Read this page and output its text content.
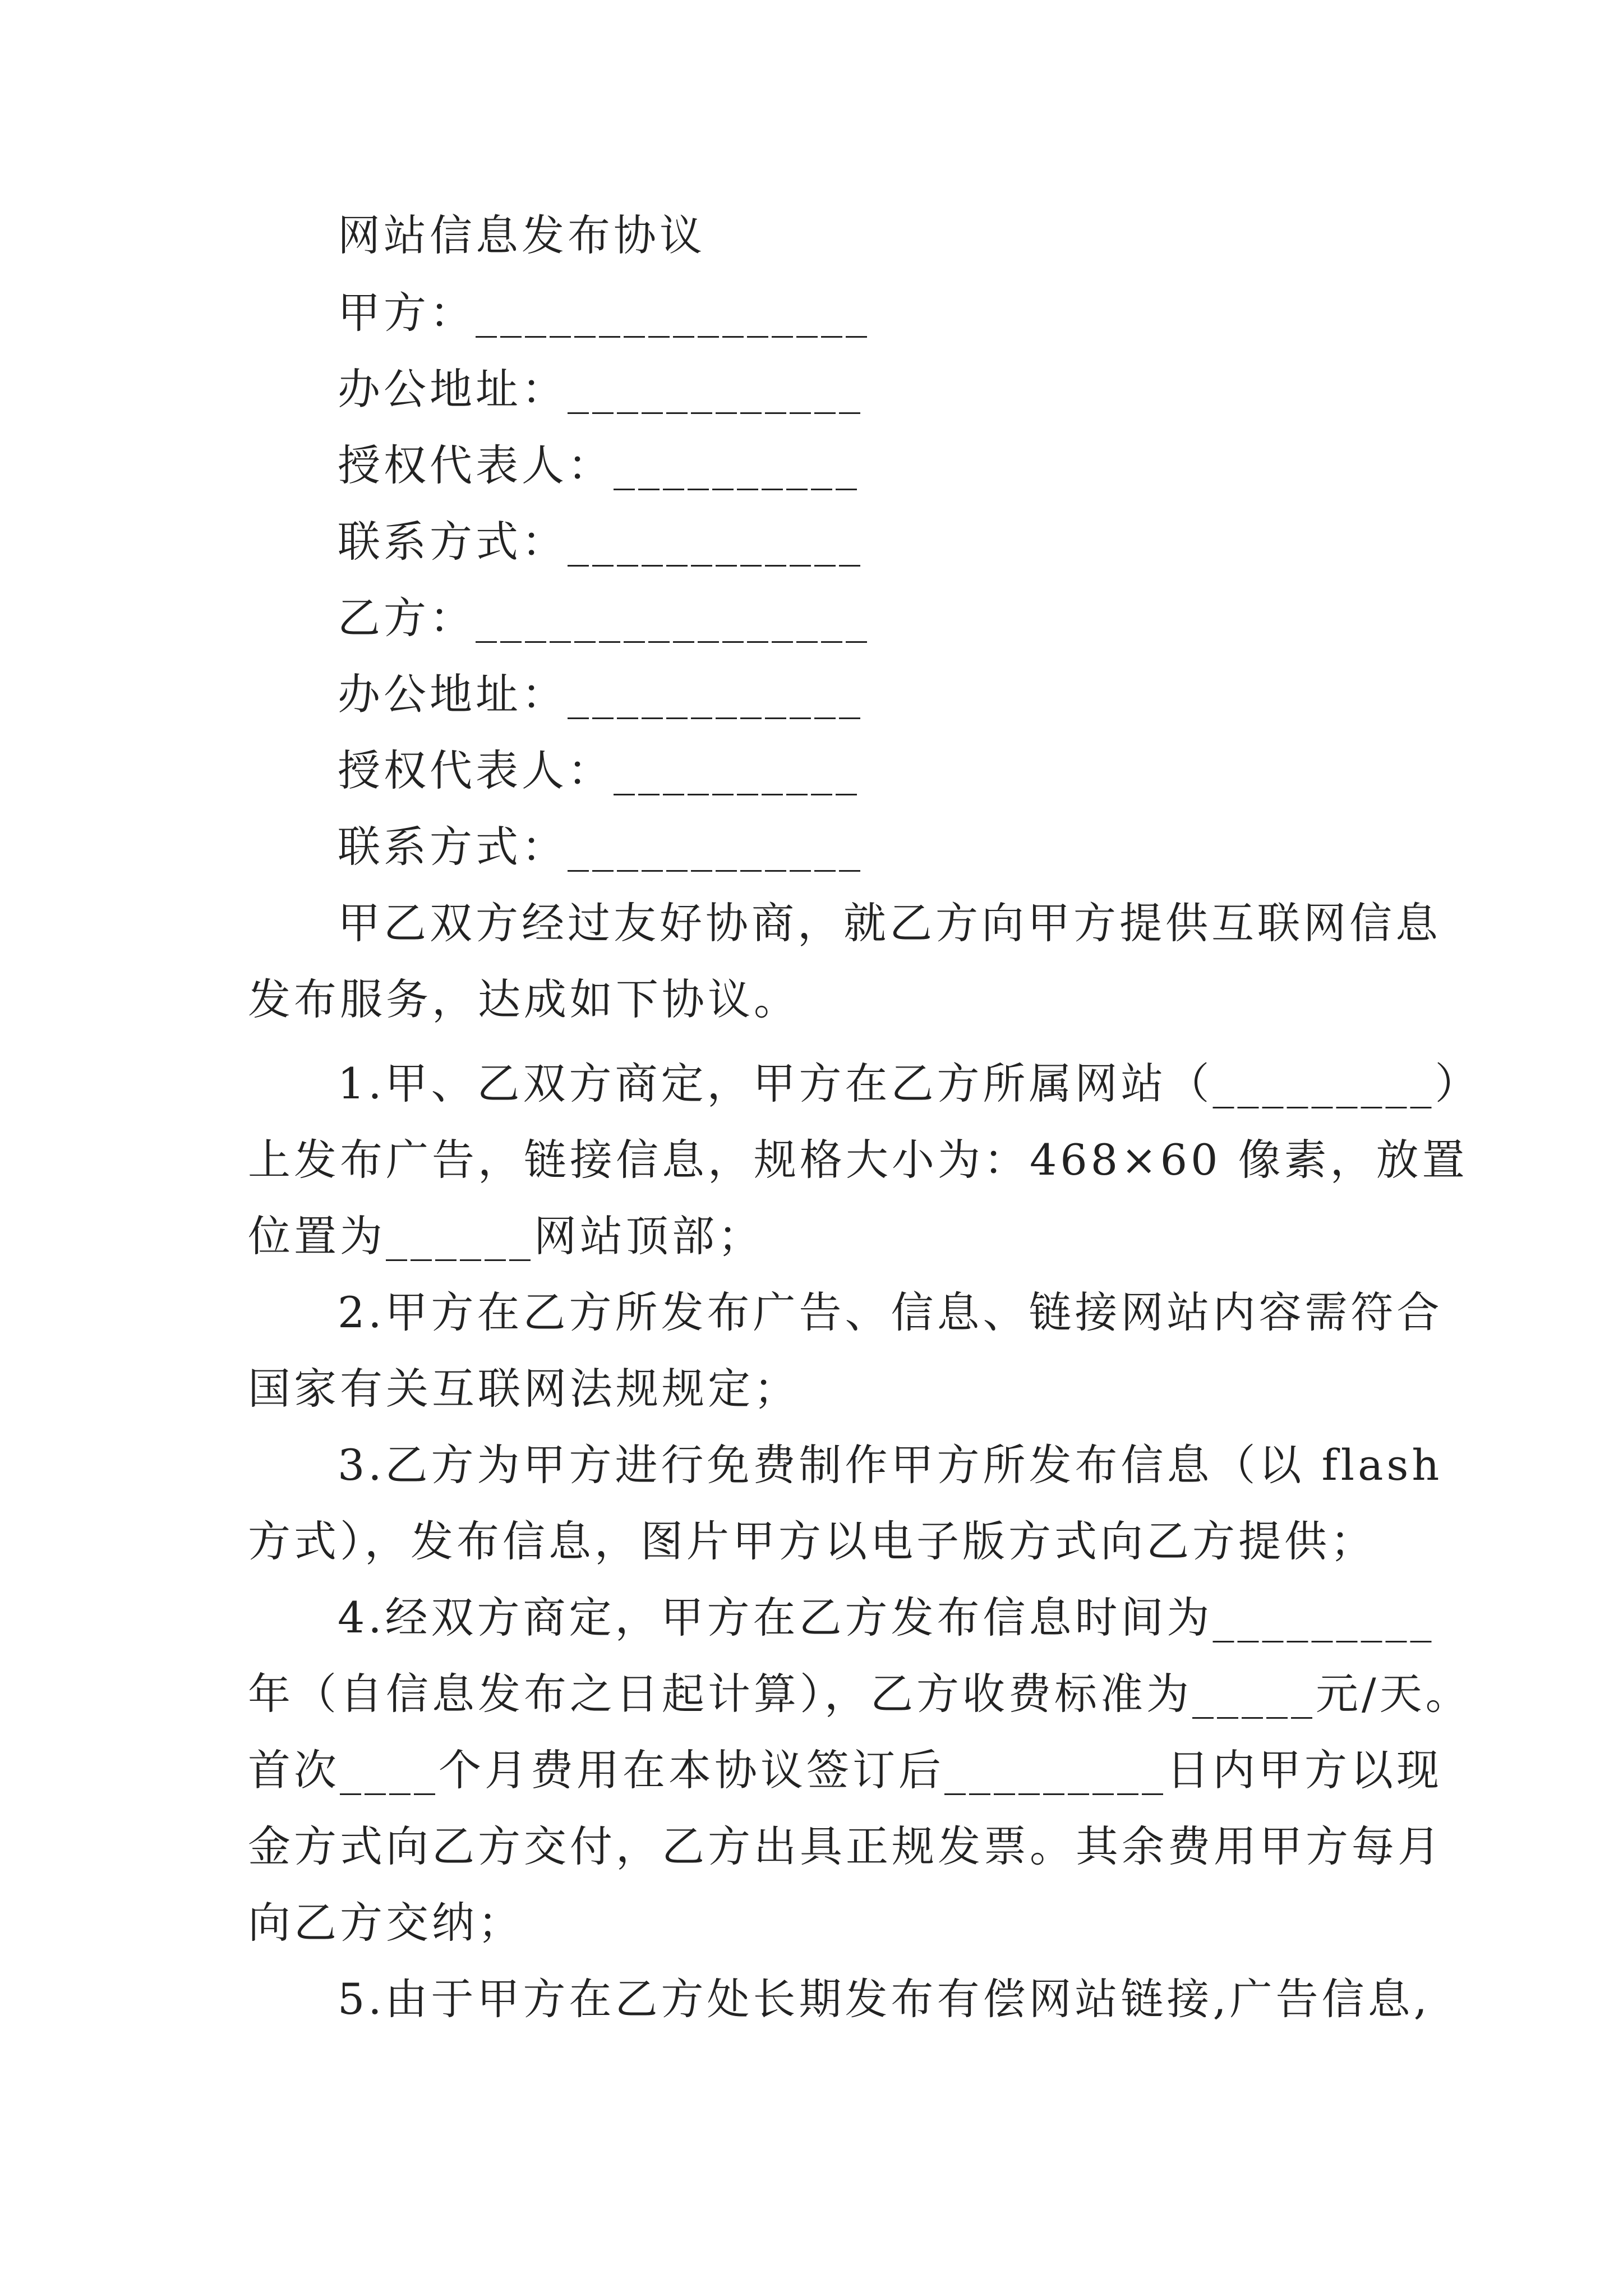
网站信息发布协议
甲方：________________
办公地址：____________
授权代表人：__________
联系方式：____________
乙方：________________
办公地址：____________
授权代表人：__________
联系方式：____________
甲乙双方经过友好协商，就乙方向甲方提供互联网信息
发布服务，达成如下协议。
1.甲、乙双方商定，甲方在乙方所属网站（_________）
上发布广告，链接信息，规格大小为：468×60 像素，放置
位置为______网站顶部；
2.甲方在乙方所发布广告、信息、链接网站内容需符合
国家有关互联网法规规定；
3.乙方为甲方进行免费制作甲方所发布信息（以 flash
方式），发布信息，图片甲方以电子版方式向乙方提供；
4.经双方商定，甲方在乙方发布信息时间为_________
年（自信息发布之日起计算），乙方收费标准为_____元/天。
首次____个月费用在本协议签订后_________日内甲方以现
金方式向乙方交付，乙方出具正规发票。其余费用甲方每月
向乙方交纳；
5.由于甲方在乙方处长期发布有偿网站链接,广告信息,
